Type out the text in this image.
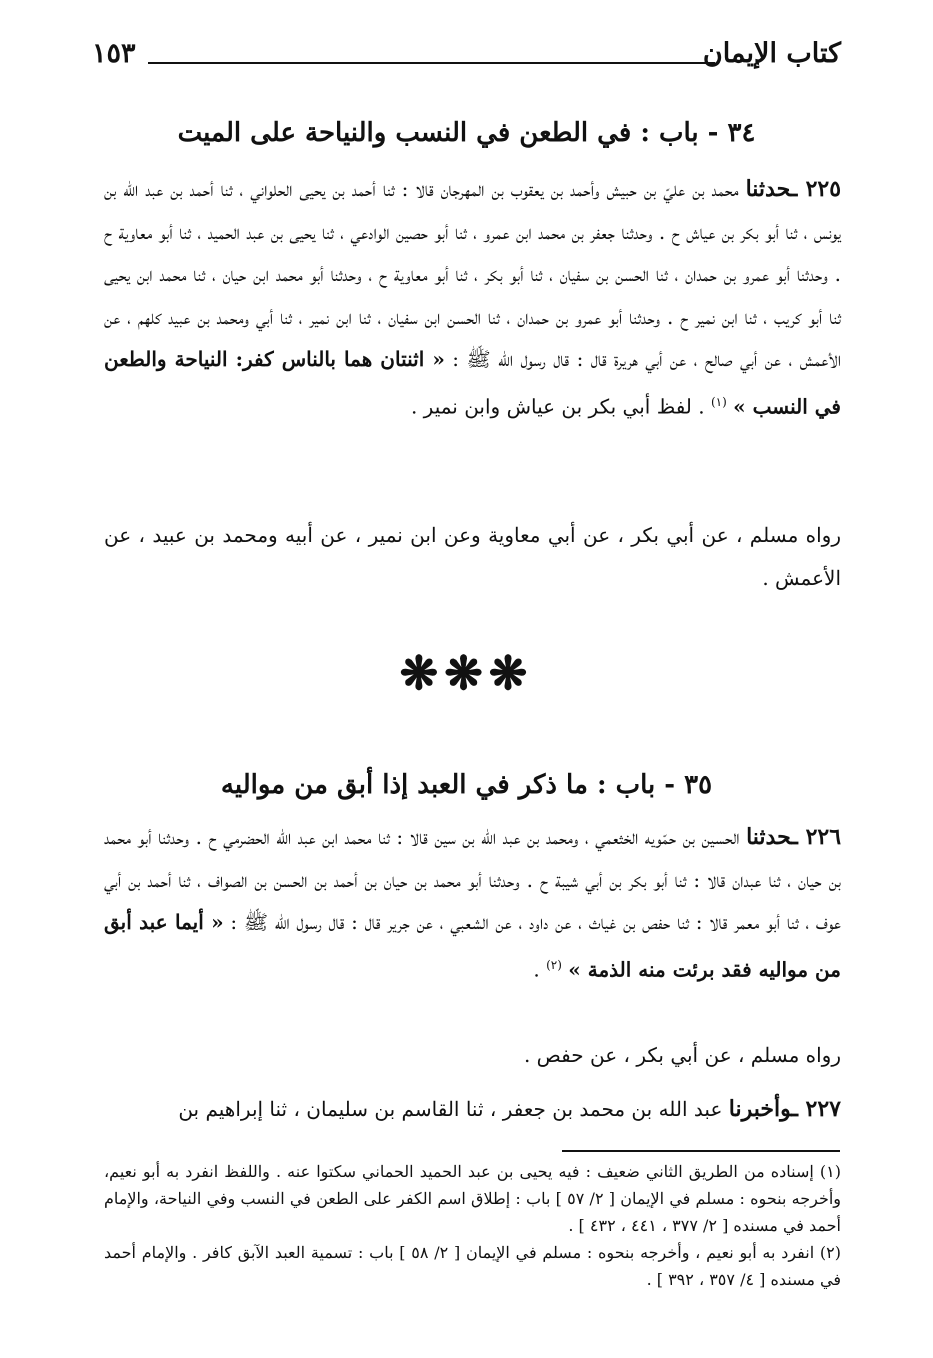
كتاب الإيمان
١٥٣
٣٤ - باب : في الطعن في النسب والنياحة على الميت
٢٢٥ ـحدثنا محمد بن عليّ بن حبيش وأحمد بن يعقوب بن المهرجان قالا : ثنا أحمد بن يحيى الحلواني ، ثنا أحمد بن عبد الله بن يونس ، ثنا أبو بكر بن عياش ح . وحدثنا جعفر بن محمد ابن عمرو ، ثنا أبو حصين الوادعي ، ثنا يحيى بن عبد الحميد ، ثنا أبو معاوية ح . وحدثنا أبو عمرو بن حمدان ، ثنا الحسن بن سفيان ، ثنا أبو بكر ، ثنا أبو معاوية ح ، وحدثنا أبو محمد ابن حيان ، ثنا محمد ابن يحيى ثنا أبو كريب ، ثنا ابن نمير ح . وحدثنا أبو عمرو بن حمدان ، ثنا الحسن ابن سفيان ، ثنا ابن نمير ، ثنا أبي ومحمد بن عبيد كلهم ، عن الأعمش ، عن أبي صالح ، عن أبي هريرة قال : قال رسول الله ﷺ : « اثنتان هما بالناس كفر: النياحة والطعن في النسب » $^{(١)}$ . لفظ أبي بكر بن عياش وابن نمير .
رواه مسلم ، عن أبي بكر ، عن أبي معاوية وعن ابن نمير ، عن أبيه ومحمد بن عبيد ، عن الأعمش .
❋❋❋
٣٥ - باب : ما ذكر في العبد إذا أبق من مواليه
٢٢٦ ـحدثنا الحسين بن حمّويه الخثعمي ، ومحمد بن عبد الله بن سين قالا : ثنا محمد ابن عبد الله الحضرمي ح . وحدثنا أبو محمد بن حيان ، ثنا عبدان قالا : ثنا أبو بكر بن أبي شيبة ح . وحدثنا أبو محمد بن حيان بن أحمد بن الحسن بن الصواف ، ثنا أحمد بن أبي عوف ، ثنا أبو معمر قالا : ثنا حفص بن غياث ، عن داود ، عن الشعبي ، عن جرير قال : قال رسول الله ﷺ : « أيما عبد أبق من مواليه فقد برئت منه الذمة » $^{(٢)}$ .
رواه مسلم ، عن أبي بكر ، عن حفص .
٢٢٧ ـوأخبرنا عبد الله بن محمد بن جعفر ، ثنا القاسم بن سليمان ، ثنا إبراهيم بن
(١) إسناده من الطريق الثاني ضعيف : فيه يحيى بن عبد الحميد الحماني سكتوا عنه . واللفظ انفرد به أبو نعيم، وأخرجه بنحوه : مسلم في الإيمان [ ٢/ ٥٧ ] باب : إطلاق اسم الكفر على الطعن في النسب وفي النياحة، والإمام أحمد في مسنده [ ٢/ ٣٧٧ ، ٤٤١ ، ٤٣٢ ] .
(٢) انفرد به أبو نعيم ، وأخرجه بنحوه : مسلم في الإيمان [ ٢/ ٥٨ ] باب : تسمية العبد الآبق كافر . والإمام أحمد في مسنده [ ٤/ ٣٥٧ ، ٣٩٢ ] .
